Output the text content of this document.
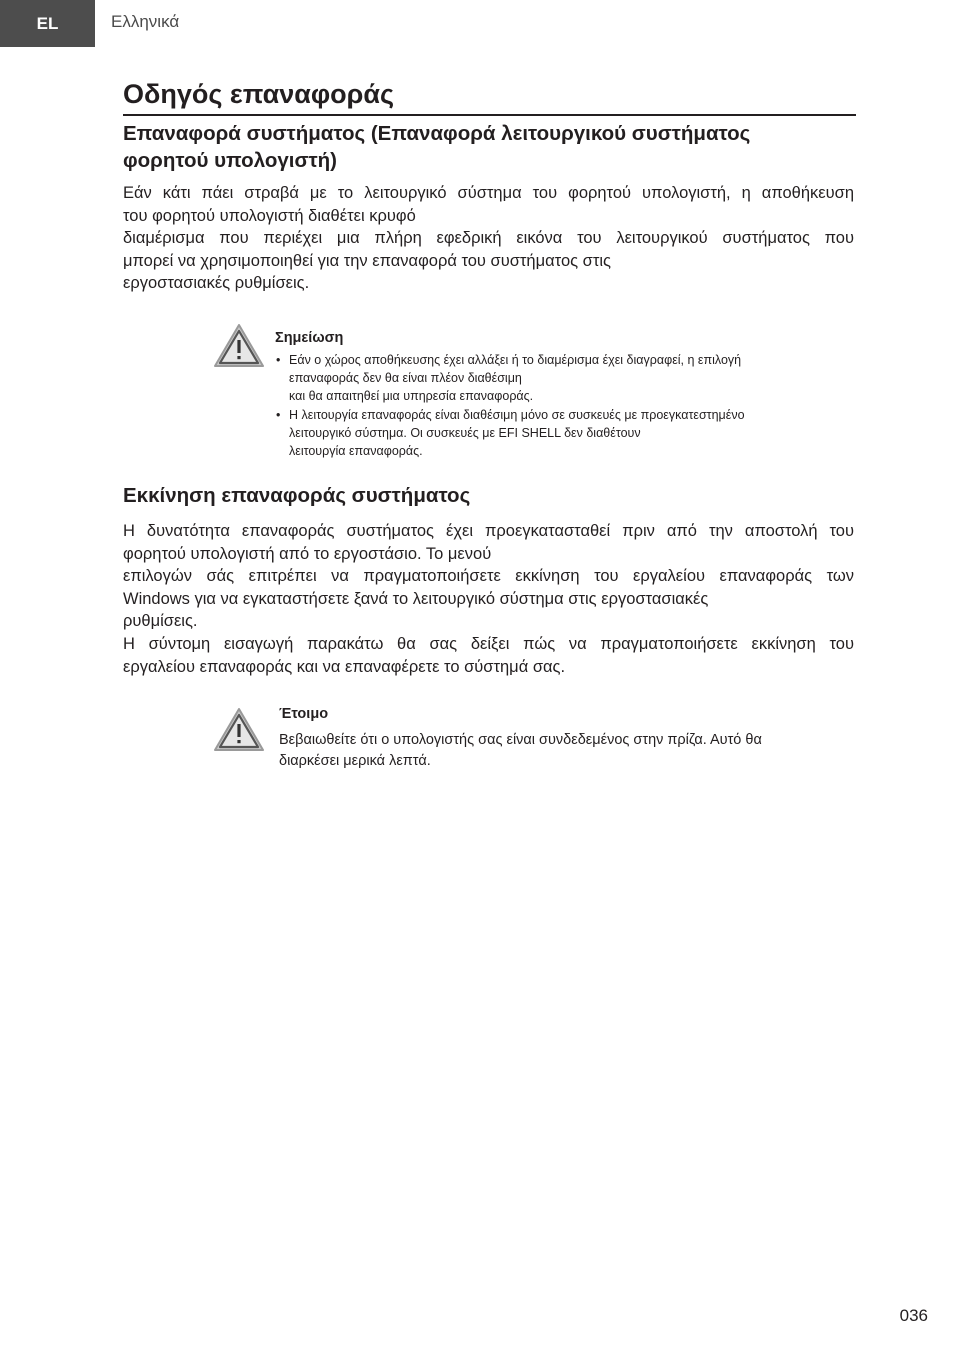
EL	Ελληνικά
Οδηγός επαναφοράς
Επαναφορά συστήματος (Επαναφορά λειτουργικού συστήματος
φορητού υπολογιστή)

Εάν κάτι πάει στραβά με το λειτουργικό σύστημα του φορητού υπολογιστή, η αποθήκευση
του φορητού υπολογιστή διαθέτει κρυφό
διαμέρισμα που περιέχει μια πλήρη εφεδρική εικόνα του λειτουργικού συστήματος που
μπορεί να χρησιμοποιηθεί για την επαναφορά του συστήματος στις
εργοστασιακές ρυθμίσεις.

Σημείωση

• Εάν ο χώρος αποθήκευσης έχει αλλάξει ή το διαμέρισμα έχει διαγραφεί, η επιλογή
επαναφοράς δεν θα είναι πλέον διαθέσιμη
και θα απαιτηθεί μια υπηρεσία επαναφοράς.
• Η λειτουργία επαναφοράς είναι διαθέσιμη μόνο σε συσκευές με προεγκατεστημένο
λειτουργικό σύστημα. Οι συσκευές με EFI SHELL δεν διαθέτουν
λειτουργία επαναφοράς.
Εκκίνηση επαναφοράς συστήματος

Η δυνατότητα επαναφοράς συστήματος έχει προεγκατασταθεί πριν από την αποστολή του
φορητού υπολογιστή από το εργοστάσιο. Το μενού
επιλογών σάς επιτρέπει να πραγματοποιήσετε εκκίνηση του εργαλείου επαναφοράς των
Windows για να εγκαταστήσετε ξανά το λειτουργικό σύστημα στις εργοστασιακές
ρυθμίσεις.
Η σύντομη εισαγωγή παρακάτω θα σας δείξει πώς να πραγματοποιήσετε εκκίνηση του
εργαλείου επαναφοράς και να επαναφέρετε το σύστημά σας.

Έτοιμο

Βεβαιωθείτε ότι ο υπολογιστής σας είναι συνδεδεμένος στην πρίζα. Αυτό θα
διαρκέσει μερικά λεπτά.

036
